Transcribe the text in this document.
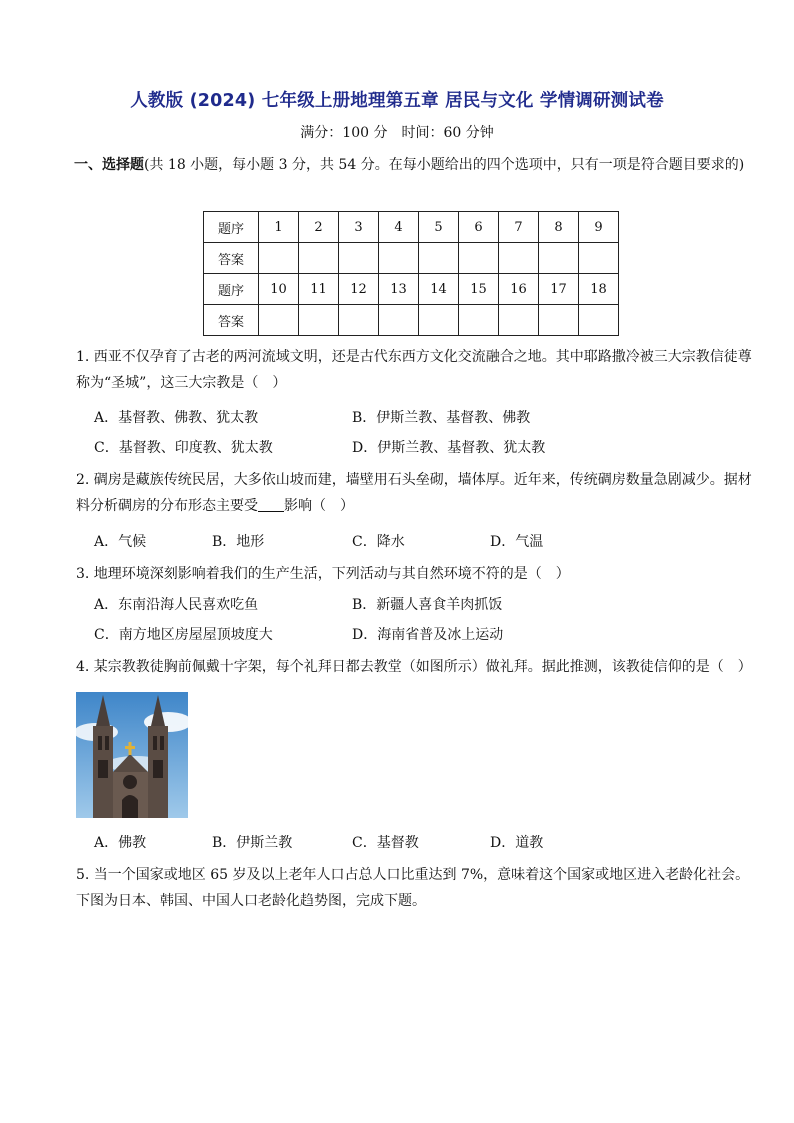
人教版 (2024) 七年级上册地理第五章 居民与文化 学情调研测试卷
满分：100 分　时间：60 分钟
一、选择题(共 18 小题，每小题 3 分，共 54 分。在每小题给出的四个选项中，只有一项是符合题目要求的)
题序	1	2	3	4	5	6	7	8	9
答案									
题序	10	11	12	13	14	15	16	17	18
答案									
1. 西亚不仅孕育了古老的两河流域文明，还是古代东西方文化交流融合之地。其中耶路撒冷被三大宗教信徒尊称为“圣城”，这三大宗教是（　）
A．基督教、佛教、犹太教	B．伊斯兰教、基督教、佛教
C．基督教、印度教、犹太教	D．伊斯兰教、基督教、犹太教
2. 碉房是藏族传统民居，大多依山坡而建，墙壁用石头垒砌，墙体厚。近年来，传统碉房数量急剧减少。据材料分析碉房的分布形态主要受 影响（　）
A．气候	B．地形	C．降水	D．气温
3. 地理环境深刻影响着我们的生产生活，下列活动与其自然环境不符的是（　）
A．东南沿海人民喜欢吃鱼	B．新疆人喜食羊肉抓饭
C．南方地区房屋屋顶坡度大	D．海南省普及冰上运动
4. 某宗教教徒胸前佩戴十字架，每个礼拜日都去教堂（如图所示）做礼拜。据此推测，该教徒信仰的是（　）
A．佛教	B．伊斯兰教	C．基督教	D．道教
5. 当一个国家或地区 65 岁及以上老年人口占总人口比重达到 7%，意味着这个国家或地区进入老龄化社会。下图为日本、韩国、中国人口老龄化趋势图，完成下题。
